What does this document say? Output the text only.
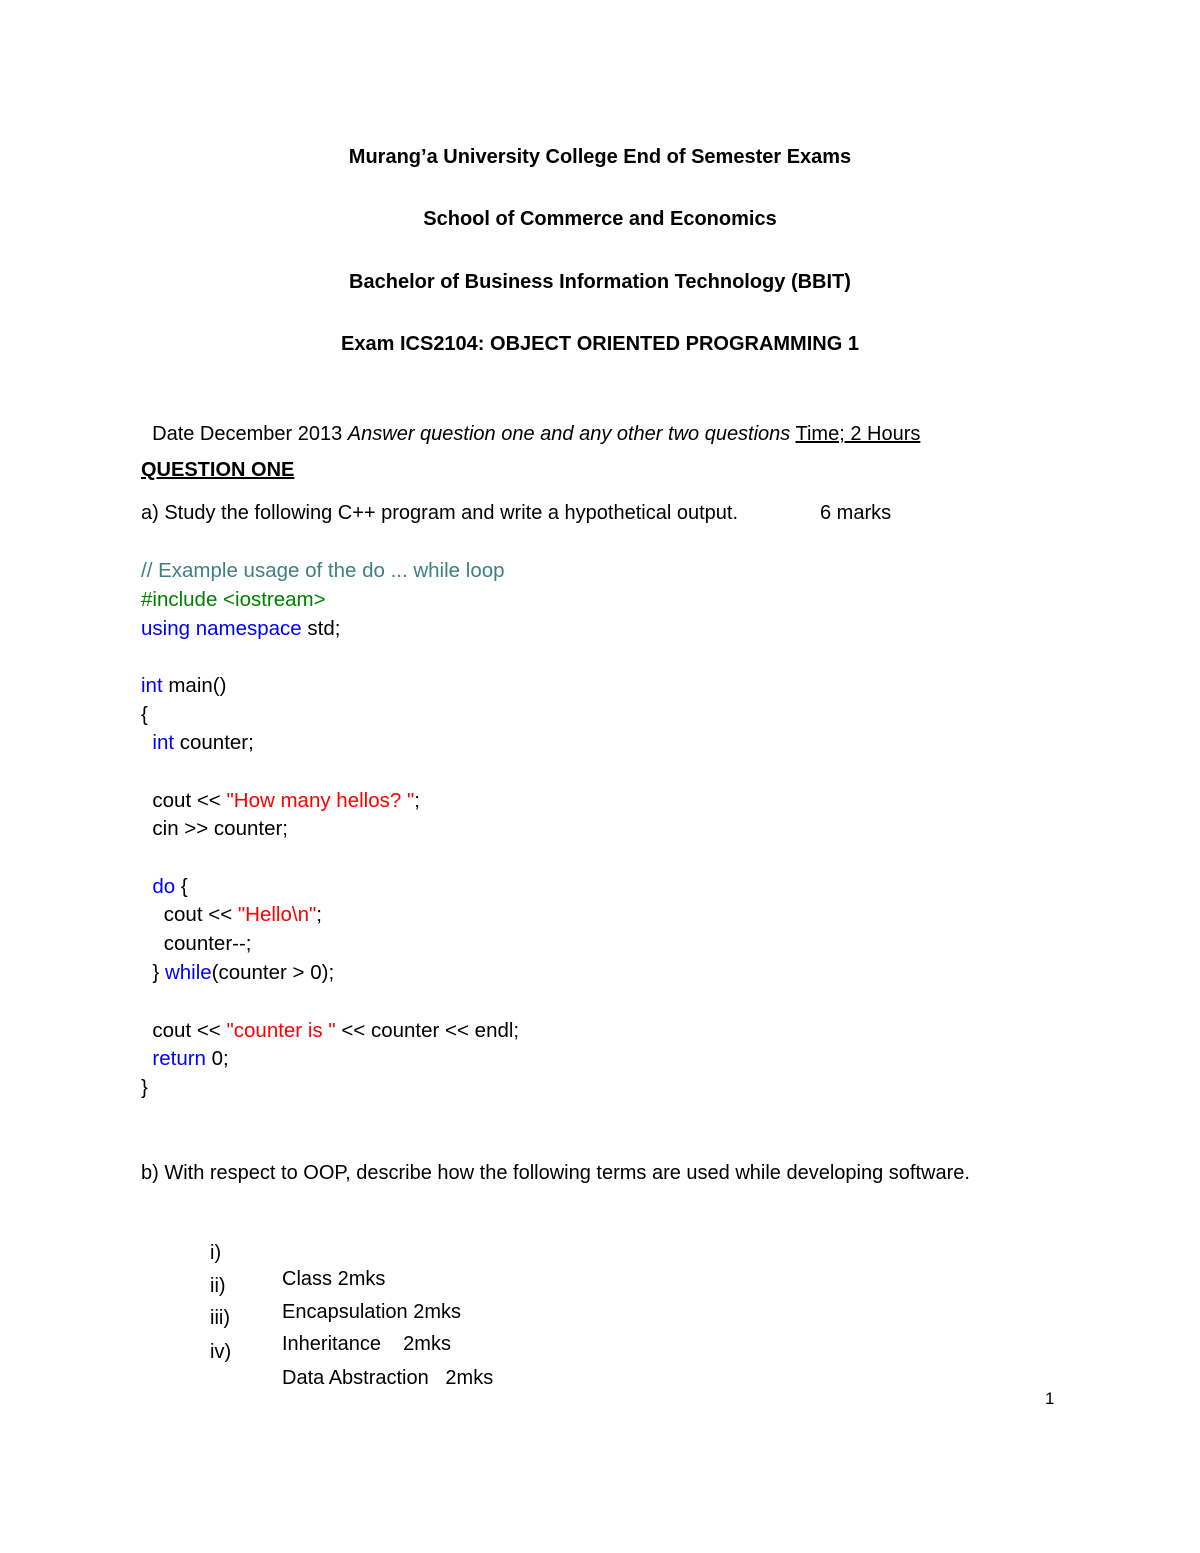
Murang’a University College End of Semester Exams
School of Commerce and Economics
Bachelor of Business Information Technology (BBIT)
Exam ICS2104: OBJECT ORIENTED PROGRAMMING 1

Date December 2013 Answer question one and any other two questions Time; 2 Hours

QUESTION ONE
a) Study the following C++ program and write a hypothetical output.	6 marks
// Example usage of the do ... while loop
#include <iostream>
using namespace std;
int main()
{
int counter;
cout << "How many hellos? ";
cin >> counter;
do {
cout << "Hello\n";
counter--;
} while(counter > 0);
cout << "counter is " << counter << endl;
return 0;
}
b) With respect to OOP, describe how the following terms are used while developing software.

i)

Class 2mks

ii)

Encapsulation 2mks

iii)

Inheritance    2mks

iv)

Data Abstraction   2mks

1
